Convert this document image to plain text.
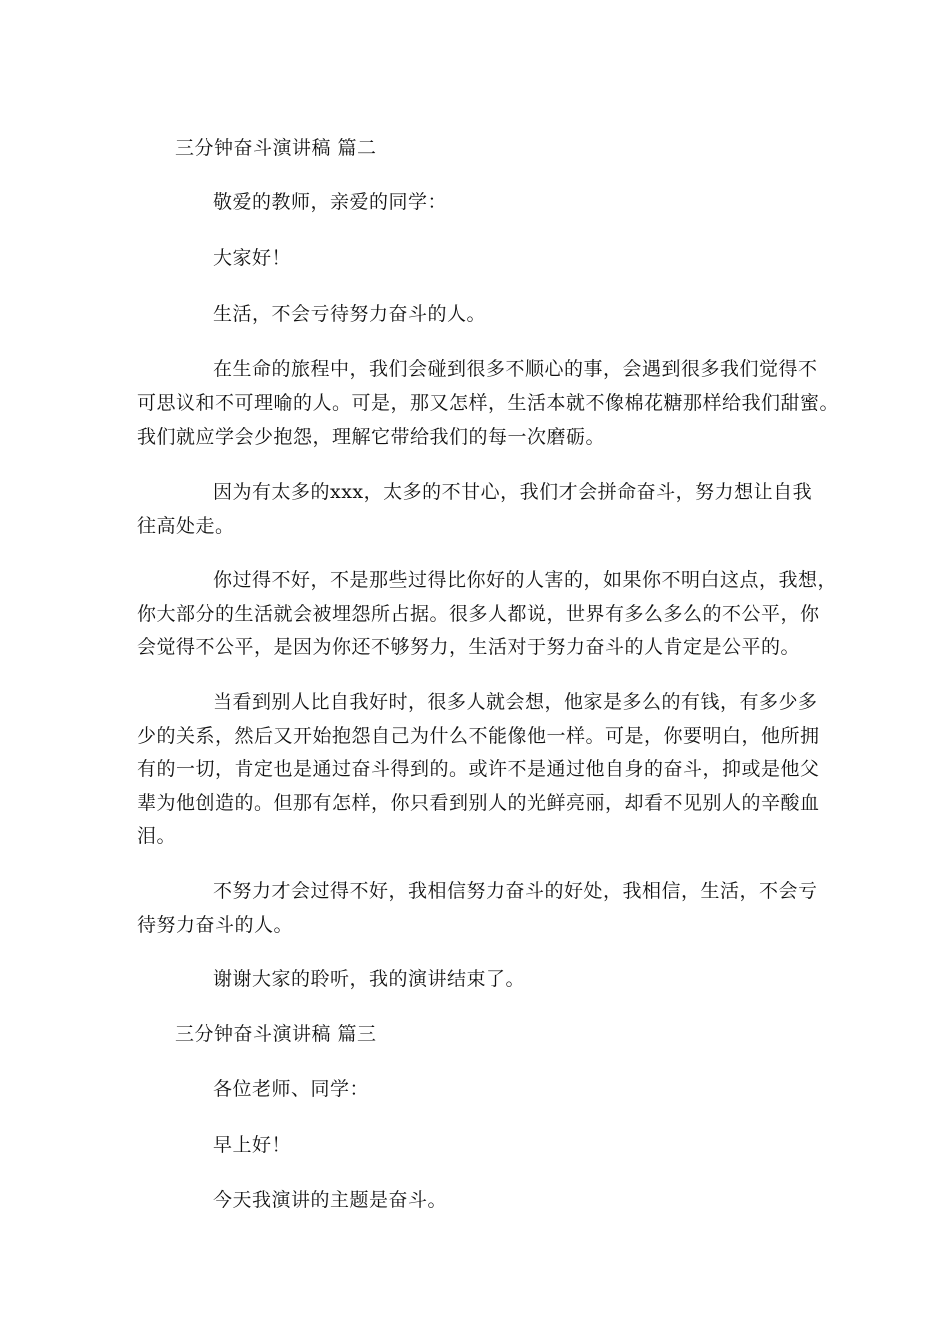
三分钟奋斗演讲稿 篇二
敬爱的教师，亲爱的同学：
大家好！
生活，不会亏待努力奋斗的人。
在生命的旅程中，我们会碰到很多不顺心的事，会遇到很多我们觉得不
可思议和不可理喻的人。可是，那又怎样，生活本就不像棉花糖那样给我们甜蜜。
我们就应学会少抱怨，理解它带给我们的每一次磨砺。
因为有太多的xxx，太多的不甘心，我们才会拼命奋斗，努力想让自我
往高处走。
你过得不好，不是那些过得比你好的人害的，如果你不明白这点，我想，
你大部分的生活就会被埋怨所占据。很多人都说，世界有多么多么的不公平，你
会觉得不公平，是因为你还不够努力，生活对于努力奋斗的人肯定是公平的。
当看到别人比自我好时，很多人就会想，他家是多么的有钱，有多少多
少的关系，然后又开始抱怨自己为什么不能像他一样。可是，你要明白，他所拥
有的一切，肯定也是通过奋斗得到的。或许不是通过他自身的奋斗，抑或是他父
辈为他创造的。但那有怎样，你只看到别人的光鲜亮丽，却看不见别人的辛酸血
泪。
不努力才会过得不好，我相信努力奋斗的好处，我相信，生活，不会亏
待努力奋斗的人。
谢谢大家的聆听，我的演讲结束了。
三分钟奋斗演讲稿 篇三
各位老师、同学：
早上好！
今天我演讲的主题是奋斗。
